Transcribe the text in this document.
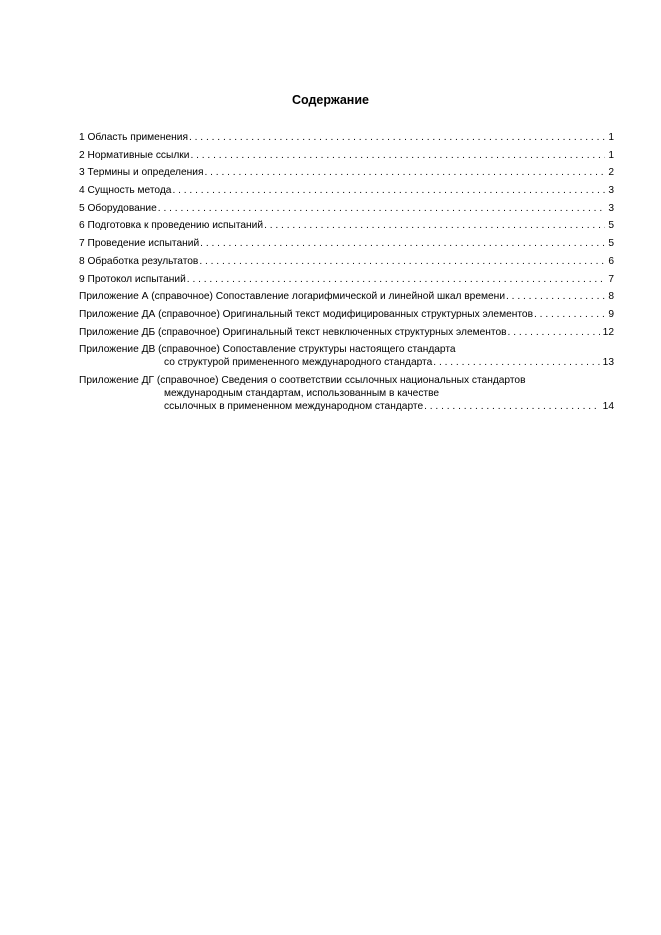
Содержание
1 Область применения . . .	1
2 Нормативные ссылки . . .	1
3 Термины и определения . . .	2
4 Сущность метода . . .	3
5 Оборудование . . .	3
6 Подготовка к проведению испытаний . . .	5
7 Проведение испытаний . . .	5
8 Обработка результатов . . .	6
9 Протокол испытаний . . .	7
Приложение А (справочное) Сопоставление логарифмической и линейной шкал времени . . .	8
Приложение ДА (справочное) Оригинальный текст модифицированных структурных элементов . . .	9
Приложение ДБ (справочное) Оригинальный текст невключенных структурных элементов . . .	12
Приложение ДВ (справочное) Сопоставление структуры настоящего стандарта
со структурой примененного международного стандарта . . .	13
Приложение ДГ (справочное) Сведения о соответствии ссылочных национальных стандартов
международным стандартам, использованным в качестве
ссылочных в примененном международном стандарте . . .	14
